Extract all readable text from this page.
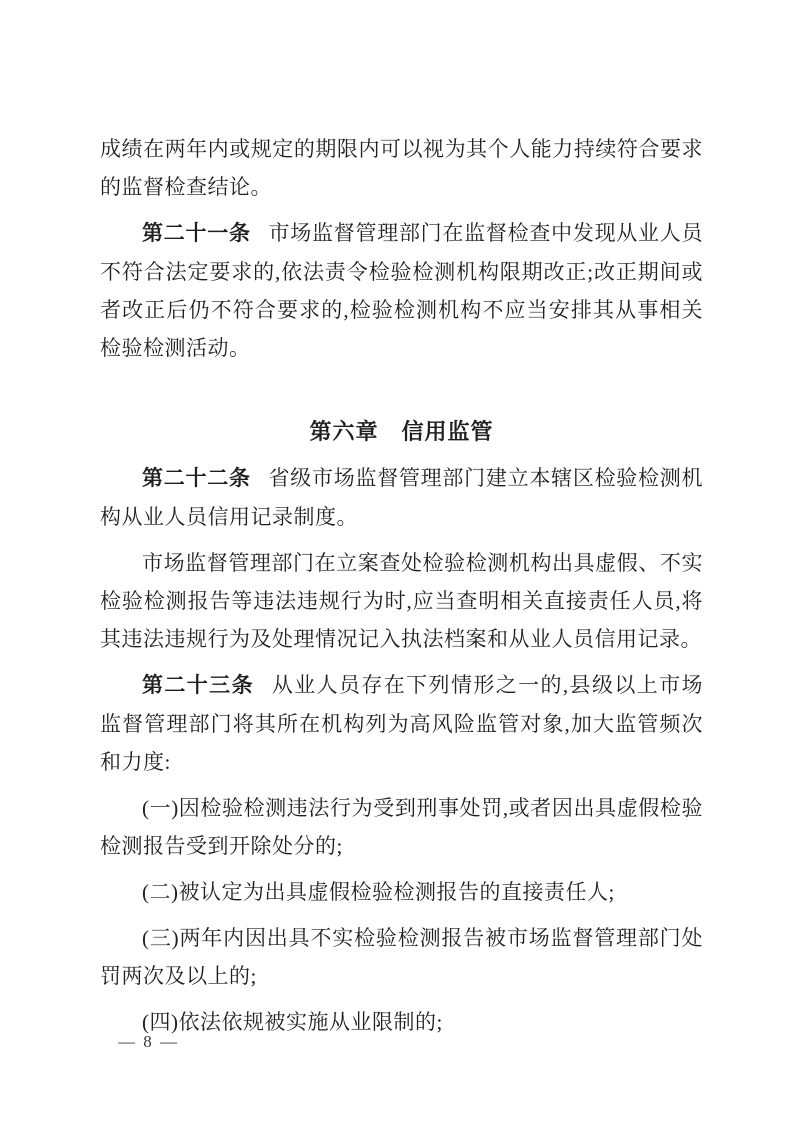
成绩在两年内或规定的期限内可以视为其个人能力持续符合要求的监督检查结论。

第二十一条 市场监督管理部门在监督检查中发现从业人员不符合法定要求的,依法责令检验检测机构限期改正;改正期间或者改正后仍不符合要求的,检验检测机构不应当安排其从事相关检验检测活动。

第六章　信用监管

第二十二条 省级市场监督管理部门建立本辖区检验检测机构从业人员信用记录制度。

市场监督管理部门在立案查处检验检测机构出具虚假、不实检验检测报告等违法违规行为时,应当查明相关直接责任人员,将其违法违规行为及处理情况记入执法档案和从业人员信用记录。

第二十三条 从业人员存在下列情形之一的,县级以上市场监督管理部门将其所在机构列为高风险监管对象,加大监管频次和力度:

(一)因检验检测违法行为受到刑事处罚,或者因出具虚假检验检测报告受到开除处分的;

(二)被认定为出具虚假检验检测报告的直接责任人;

(三)两年内因出具不实检验检测报告被市场监督管理部门处罚两次及以上的;

(四)依法依规被实施从业限制的;

— 8 —
